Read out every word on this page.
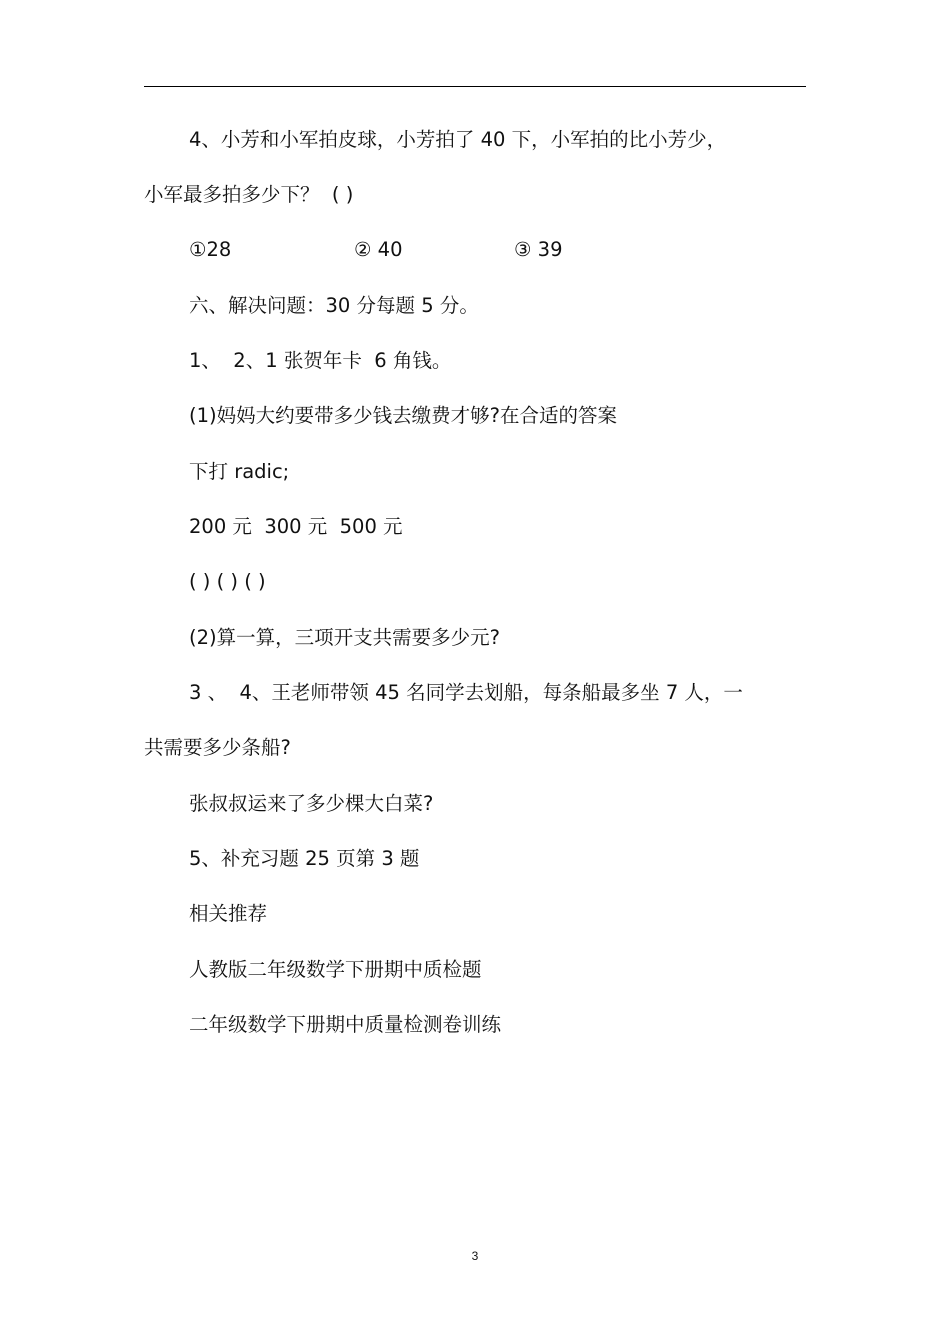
4、小芳和小军拍皮球，小芳拍了 40 下，小军拍的比小芳少，
小军最多拍多少下？  ( )

①28

	② 40

	③ 39

六、解决问题：30 分每题 5 分。
1、  2、1 张贺年卡  6 角钱。
(1)妈妈大约要带多少钱去缴费才够?在合适的答案
下打 radic;
200 元  300 元  500 元
( ) ( ) ( )
(2)算一算，三项开支共需要多少元?
3 、  4、王老师带领 45 名同学去划船，每条船最多坐 7 人，一
共需要多少条船?
张叔叔运来了多少棵大白菜?
5、补充习题 25 页第 3 题
相关推荐
人教版二年级数学下册期中质检题
二年级数学下册期中质量检测卷训练
3
